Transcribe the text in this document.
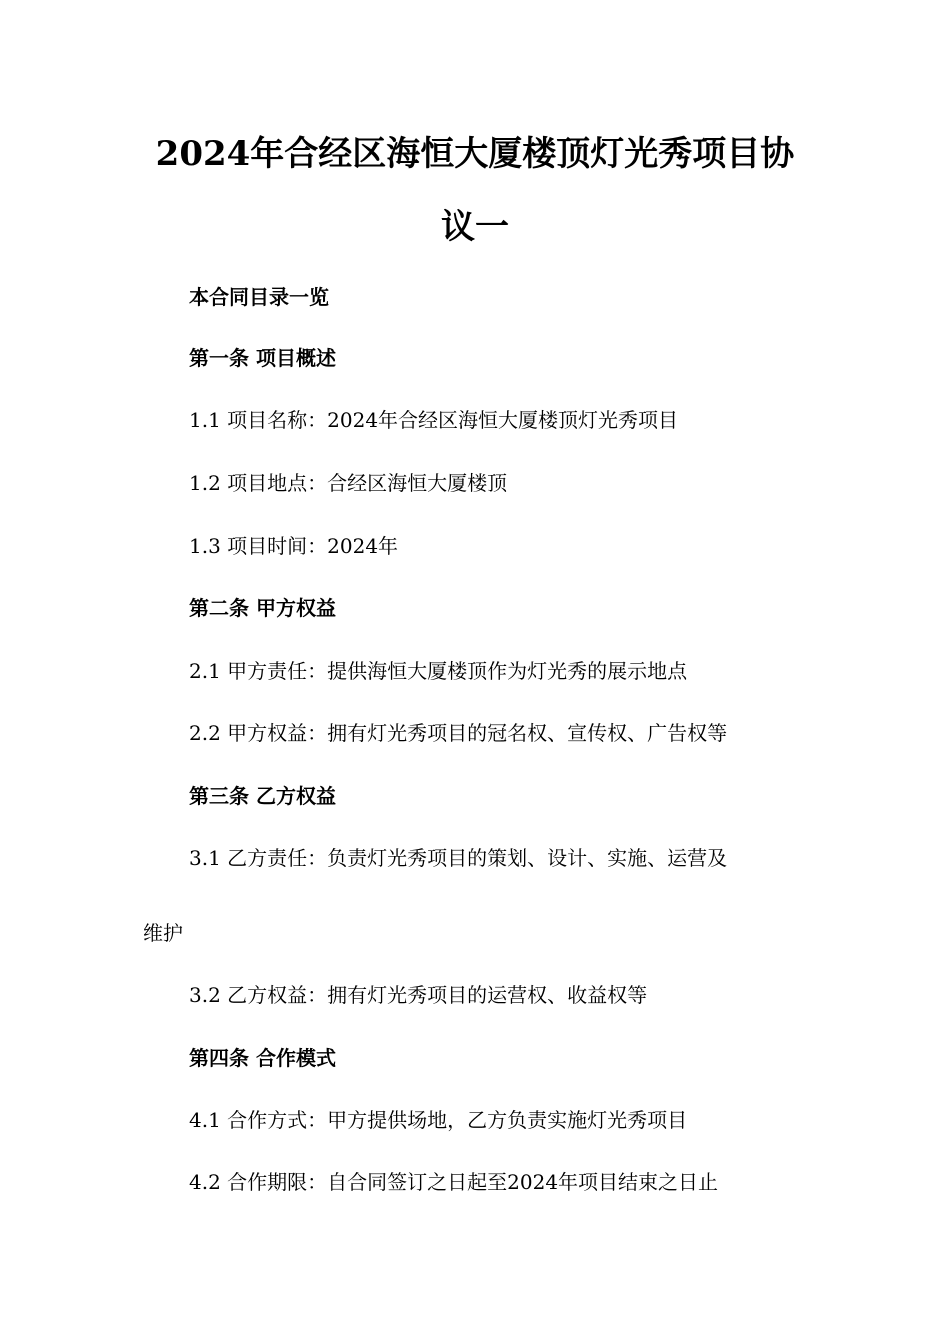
2024年合经区海恒大厦楼顶灯光秀项目协
议一
本合同目录一览
第一条 项目概述
1.1 项目名称：2024年合经区海恒大厦楼顶灯光秀项目
1.2 项目地点：合经区海恒大厦楼顶
1.3 项目时间：2024年
第二条 甲方权益
2.1 甲方责任：提供海恒大厦楼顶作为灯光秀的展示地点
2.2 甲方权益：拥有灯光秀项目的冠名权、宣传权、广告权等
第三条 乙方权益
3.1 乙方责任：负责灯光秀项目的策划、设计、实施、运营及
维护
3.2 乙方权益：拥有灯光秀项目的运营权、收益权等
第四条 合作模式
4.1 合作方式：甲方提供场地，乙方负责实施灯光秀项目
4.2 合作期限：自合同签订之日起至2024年项目结束之日止
